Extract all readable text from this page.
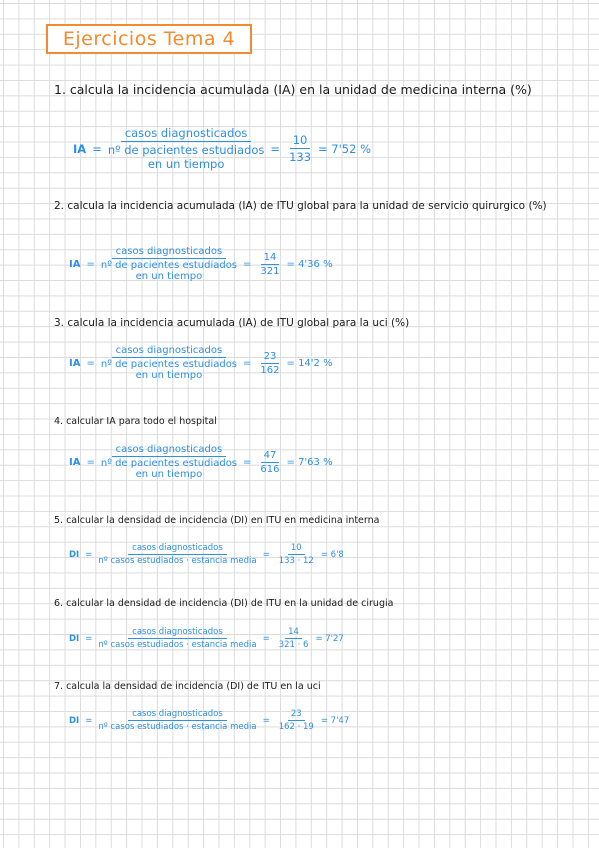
Ejercicios Tema 4
1. calcula la incidencia acumulada (IA) en la unidad de medicina interna (%)
IA =
casos diagnosticados
nº de pacientes estudiados
en un tiempo
= $\frac{10}{133} = 7'52$ %
2. calcula la incidencia acumulada (IA) de ITU global para la unidad de servicio quirurgico (%)
IA =
casos diagnosticados
nº de pacientes estudiados
en un tiempo
= $\frac{14}{321} = 4'36$ %
3. calcula la incidencia acumulada (IA) de ITU global para la uci (%)
IA =
casos diagnosticados
nº de pacientes estudiados
en un tiempo
= $\frac{23}{162} = 14'2$ %
4. calcular IA para todo el hospital
IA =
casos diagnosticados
nº de pacientes estudiados
en un tiempo
= $\frac{47}{616} = 7'63$ %
5. calcular la densidad de incidencia (DI) en ITU en medicina interna
DI = $\frac{\text{casos diagnosticados}}{\text{nº casos estudiados · estancia media}} = \frac{10}{133 \cdot 12} = 6'8$
6. calcular la densidad de incidencia (DI) de ITU en la unidad de cirugia
DI = $\frac{\text{casos diagnosticados}}{\text{nº casos estudiados · estancia media}} = \frac{14}{321 \cdot 6} = 7'27$
7. calcula la densidad de incidencia (DI) de ITU en la uci
DI = $\frac{\text{casos diagnosticados}}{\text{nº casos estudiados · estancia media}} = \frac{23}{162 \cdot 19} = 7'47$
